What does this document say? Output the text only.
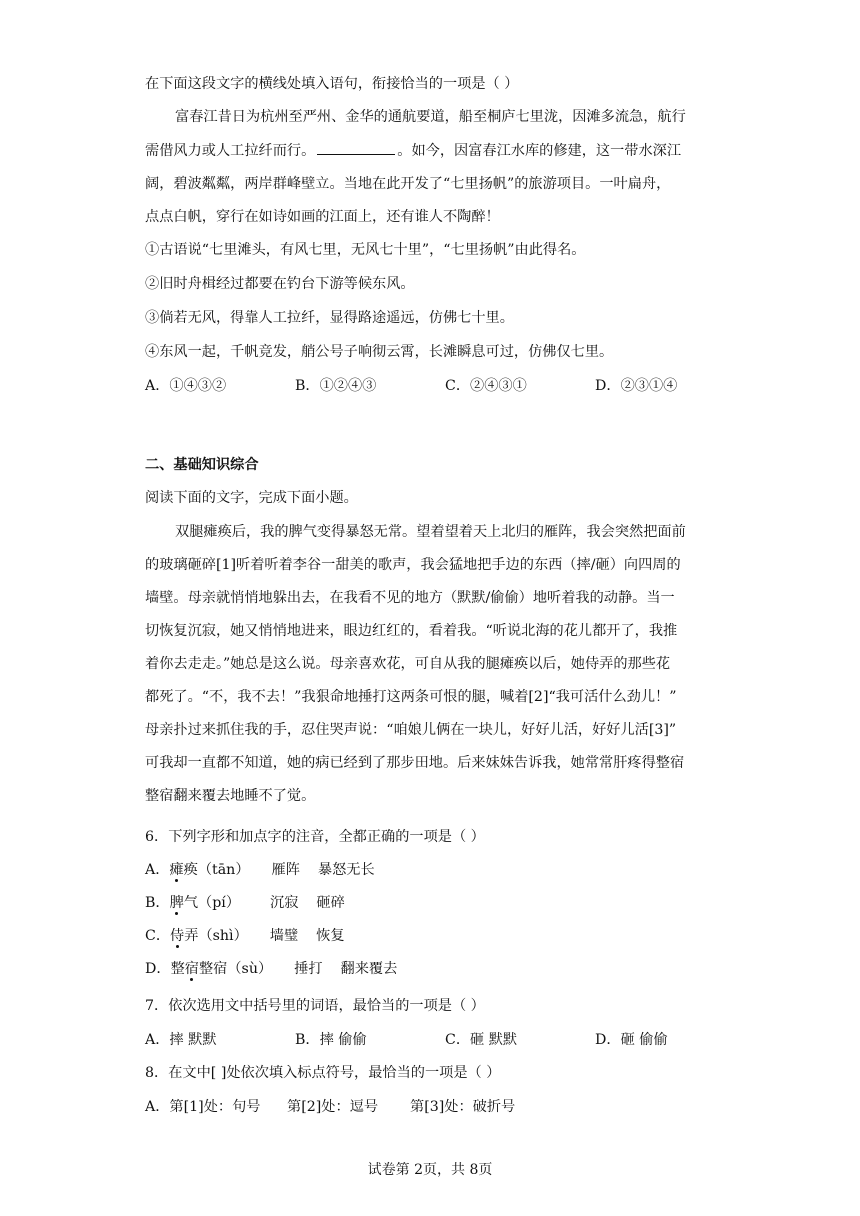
在下面这段文字的横线处填入语句，衔接恰当的一项是（ ）
富春江昔日为杭州至严州、金华的通航要道，船至桐庐七里泷，因滩多流急，航行
需借风力或人工拉纤而行。	。如今，因富春江水库的修建，这一带水深江
阔，碧波粼粼，两岸群峰壁立。当地在此开发了“七里扬帆”的旅游项目。一叶扁舟，
点点白帆，穿行在如诗如画的江面上，还有谁人不陶醉！
①古语说“七里滩头，有风七里，无风七十里”，“七里扬帆”由此得名。
②旧时舟楫经过都要在钓台下游等候东风。
③倘若无风，得靠人工拉纤，显得路途遥远，仿佛七十里。
④东风一起，千帆竞发，艄公号子响彻云霄，长滩瞬息可过，仿佛仅七里。
A．①④③②	B．①②④③	C．②④③①	D．②③①④
二、基础知识综合
阅读下面的文字，完成下面小题。
双腿瘫痪后，我的脾气变得暴怒无常。望着望着天上北归的雁阵，我会突然把面前
的玻璃砸碎[1]听着听着李谷一甜美的歌声，我会猛地把手边的东西（摔/砸）向四周的
墙壁。母亲就悄悄地躲出去，在我看不见的地方（默默/偷偷）地听着我的动静。当一
切恢复沉寂，她又悄悄地进来，眼边红红的，看着我。“听说北海的花儿都开了，我推
着你去走走。”她总是这么说。母亲喜欢花，可自从我的腿瘫痪以后，她侍弄的那些花
都死了。“不，我不去！”我狠命地捶打这两条可恨的腿，喊着[2]“我可活什么劲儿！”
母亲扑过来抓住我的手，忍住哭声说：“咱娘儿俩在一块儿，好好儿活，好好儿活[3]”
可我却一直都不知道，她的病已经到了那步田地。后来妹妹告诉我，她常常肝疼得整宿
整宿翻来覆去地睡不了觉。
6．下列字形和加点字的注音，全都正确的一项是（ ）
A．瘫痪（tān） 雁阵 暴怒无长
B．脾气（pí） 沉寂 砸碎
C．侍弄（shì） 墙璧 恢复
D．整宿整宿（sù） 捶打 翻来覆去
7．依次选用文中括号里的词语，最恰当的一项是（ ）
A．摔 默默	B．摔 偷偷	C．砸 默默	D．砸 偷偷
8．在文中[ ]处依次填入标点符号，最恰当的一项是（ ）
A．第[1]处：句号 第[2]处：逗号 第[3]处：破折号
试卷第 2页，共 8页
